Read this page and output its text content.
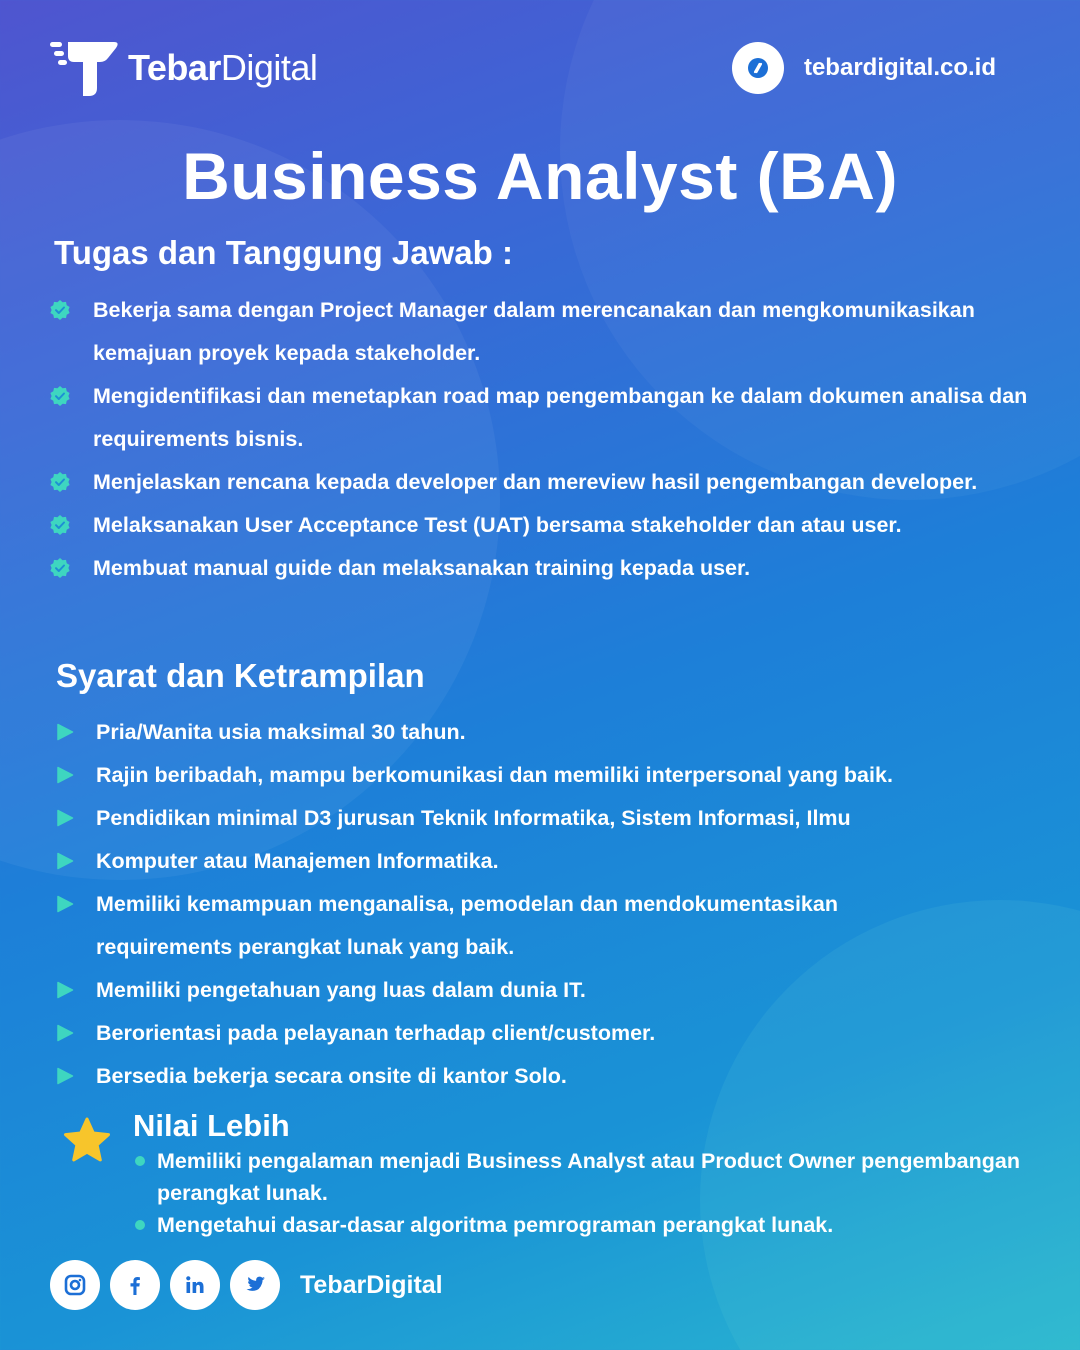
TebarDigital	tebardigital.co.id
Business Analyst (BA)
Tugas dan Tanggung Jawab :
Bekerja sama dengan Project Manager dalam merencanakan dan mengkomunikasikan kemajuan proyek kepada stakeholder.
Mengidentifikasi dan menetapkan road map pengembangan ke dalam dokumen analisa dan requirements bisnis.
Menjelaskan rencana kepada developer dan mereview hasil pengembangan developer.
Melaksanakan User Acceptance Test (UAT) bersama stakeholder dan atau user.
Membuat manual guide dan melaksanakan training kepada user.
Syarat dan Ketrampilan
Pria/Wanita usia maksimal 30 tahun.
Rajin beribadah, mampu berkomunikasi dan memiliki interpersonal yang baik.
Pendidikan minimal D3 jurusan Teknik Informatika, Sistem Informasi, Ilmu
Komputer atau Manajemen Informatika.
Memiliki kemampuan menganalisa, pemodelan dan mendokumentasikan
requirements perangkat lunak yang baik.
Memiliki pengetahuan yang luas dalam dunia IT.
Berorientasi pada pelayanan terhadap client/customer.
Bersedia bekerja secara onsite di kantor Solo.
Nilai Lebih
Memiliki pengalaman menjadi Business Analyst atau Product Owner pengembangan perangkat lunak.
Mengetahui dasar-dasar algoritma pemrograman perangkat lunak.
TebarDigital
